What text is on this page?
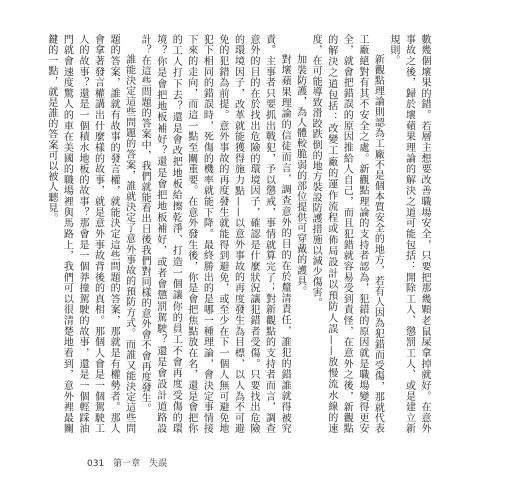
數幾個壞果的錯。若層主想要改善職場安全，只要把那幾顆老鼠屎拿掉就好。在意外事故之後，歸於壞蘋果理論的解決之道可能包括：開除工人、懲罰工人、或是建立新規則。

新觀點理論則認為工廠不是個本質安全的地方，若有人因為犯錯而受傷，那就代表工廠絕對有其不安全之處。新觀點理論的支持者認為，犯錯的原因就是職場變得更安全，就會把錯誤的原因推給人自己，而且犯錯就容易受到責怪，在意外之後，新觀點的解決之道包括：改變工廠的運作流程或佈局設計以預防人誤——放慢流水線的速度，在可能導致滑跤跌倒的地方裝設防護措施以減少傷害。

加裝防護，為人體較脆弱的部位提供可穿戴的護具。

對壞蘋果理論的信徒而言，調查意外的目的在於釐清責任，誰犯的錯誰就得被究責。主事者只要抓出戰犯，予以懲戒，事情就算完了；對新觀點的支持者而言，調查意外的目的在於找出危險的環境因子，確認是什麼狀況讓犯錯者受傷。只要找出危險的環境因子，改革就能獲得施力點——以意外事故的再度發生為目標，以人為不可避免的犯錯為前提。意外事故的再度發生就能得到避免，或至少在下一個人無可避免地犯下相同的錯誤時，死傷的機率就能下降。最終勝出的是哪一種理論，會決定事情接下來的走向，而這一點至關重要。在意外發生後，你是會把焦點放在名，還是會把你的工人打下去？還是會改把地板給擦乾淨、打造一個讓你的員工不會再度受傷的環境？你是會把地板補好？還是會把地板補好，或者會懲罰駕駛？還是會設計道路設計？在這些問題的答案中，我們就能看出日後我們對同樣的意外會不會再度發生。

誰能決定這些問題的答案，誰就決定了意外事故的預防方式。而誰又能決定這些問題的答案，誰就有故事的發言權，就能決定這些問題的答案，那就是有權勢者。那人會拿著發言權講出什麼樣的故事，就是意外事故背後的真相。那個人會是一個駕駛工人的故事？還是一個積水地板的故事？那會是一個莽撞駕駛的故事，還是一個輕踩油門就會速度驚人的車在美國的職場裡與馬路上，我們可以很清楚地看到，意外裡最關鍵的一點，就是誰的答案可以被人聽見。

031 第一章 失誤
